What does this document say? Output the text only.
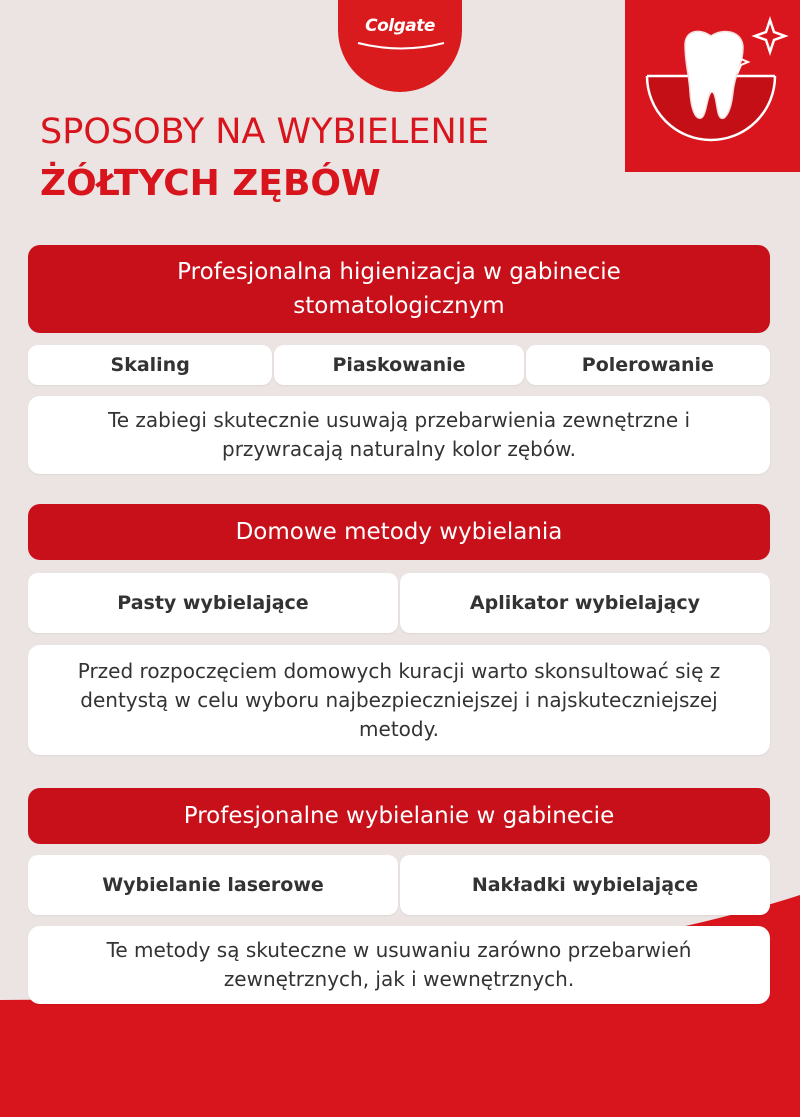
Colgate
SPOSOBY NA WYBIELENIE
ŻÓŁTYCH ZĘBÓW
Profesjonalna higienizacja w gabinecie stomatologicznym
Skaling	Piaskowanie	Polerowanie
Te zabiegi skutecznie usuwają przebarwienia zewnętrzne i przywracają naturalny kolor zębów.
Domowe metody wybielania
Pasty wybielające	Aplikator wybielający
Przed rozpoczęciem domowych kuracji warto skonsultować się z dentystą w celu wyboru najbezpieczniejszej i najskuteczniejszej metody.
Profesjonalne wybielanie w gabinecie
Wybielanie laserowe	Nakładki wybielające
Te metody są skuteczne w usuwaniu zarówno przebarwień zewnętrznych, jak i wewnętrznych.
